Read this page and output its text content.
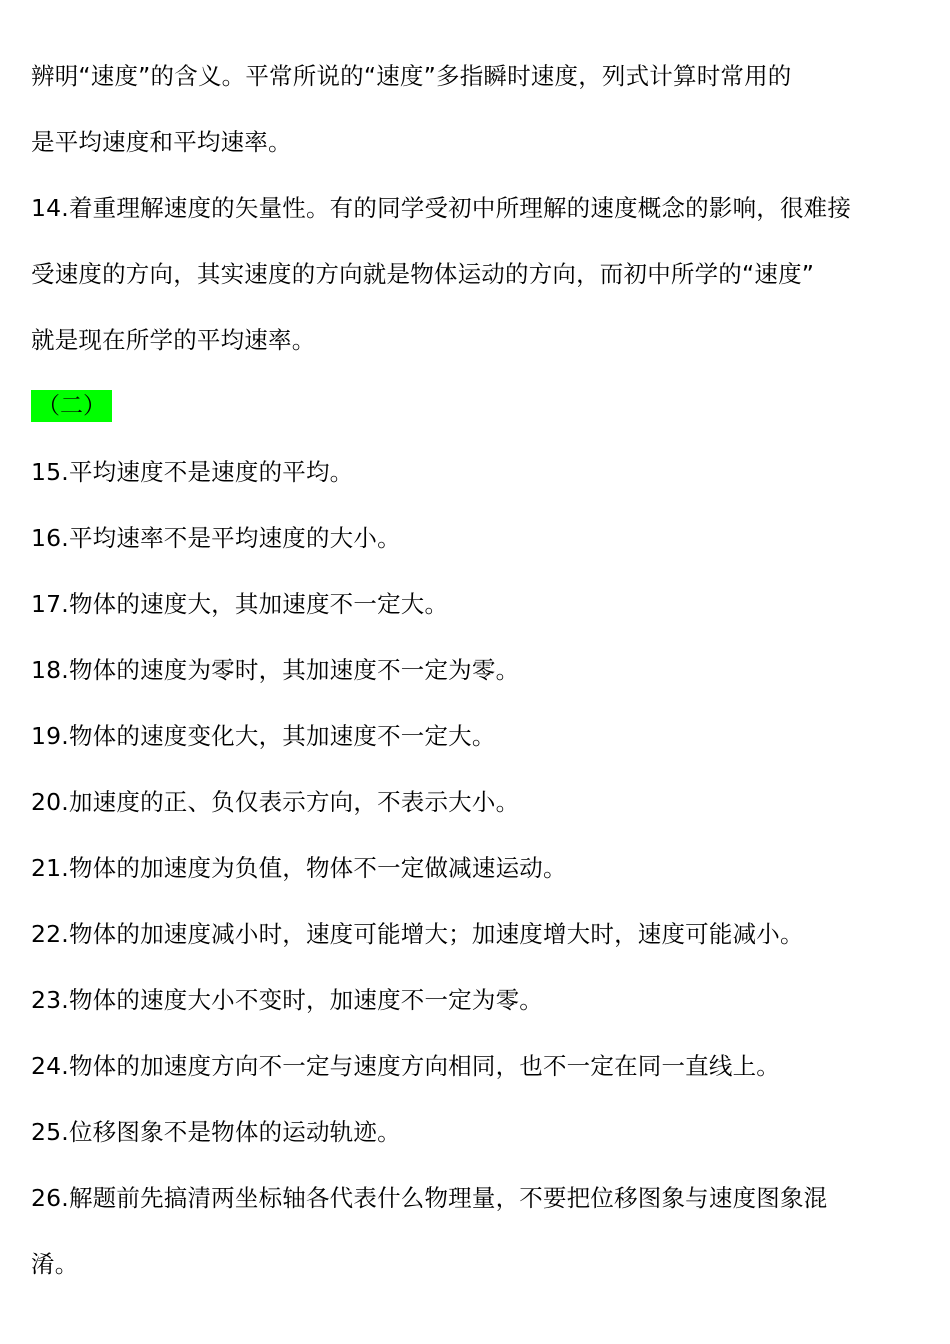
辨明“速度”的含义。平常所说的“速度”多指瞬时速度，列式计算时常用的
是平均速度和平均速率。
14.着重理解速度的矢量性。有的同学受初中所理解的速度概念的影响，很难接
受速度的方向，其实速度的方向就是物体运动的方向，而初中所学的“速度”
就是现在所学的平均速率。
（二）
15.平均速度不是速度的平均。
16.平均速率不是平均速度的大小。
17.物体的速度大，其加速度不一定大。
18.物体的速度为零时，其加速度不一定为零。
19.物体的速度变化大，其加速度不一定大。
20.加速度的正、负仅表示方向，不表示大小。
21.物体的加速度为负值，物体不一定做减速运动。
22.物体的加速度减小时，速度可能增大；加速度增大时，速度可能减小。
23.物体的速度大小不变时，加速度不一定为零。
24.物体的加速度方向不一定与速度方向相同，也不一定在同一直线上。
25.位移图象不是物体的运动轨迹。
26.解题前先搞清两坐标轴各代表什么物理量，不要把位移图象与速度图象混
淆。
